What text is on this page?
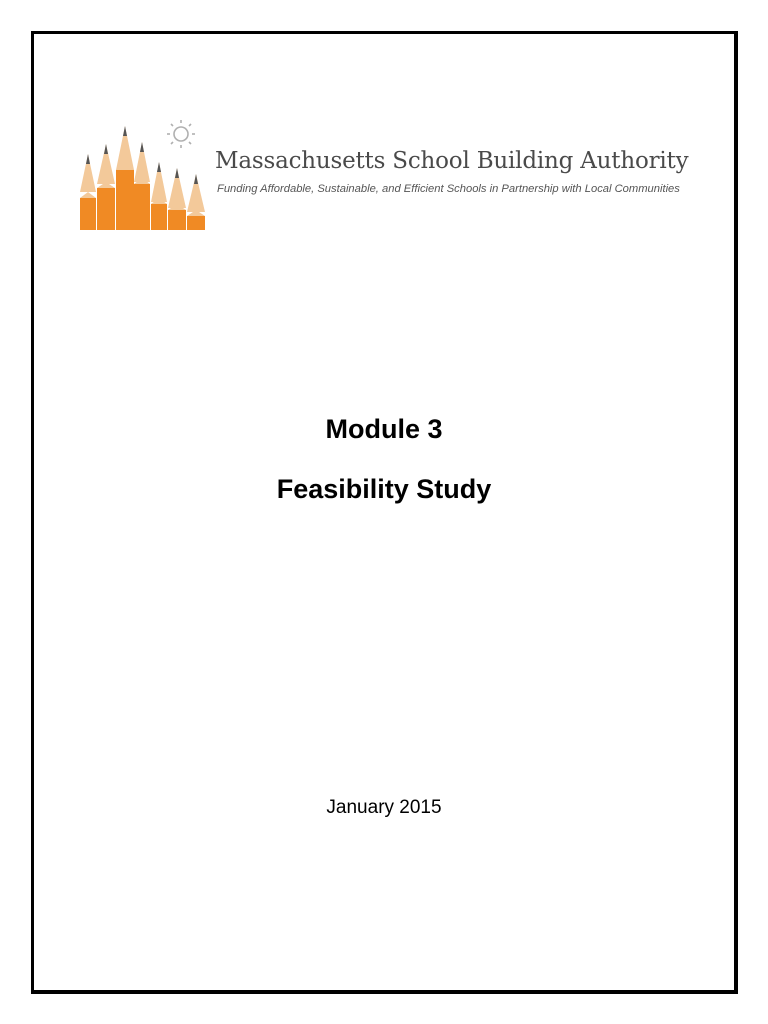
Massachusetts School Building Authority
Funding Affordable, Sustainable, and Efficient Schools in Partnership with Local Communities
Module 3
Feasibility Study
January 2015
